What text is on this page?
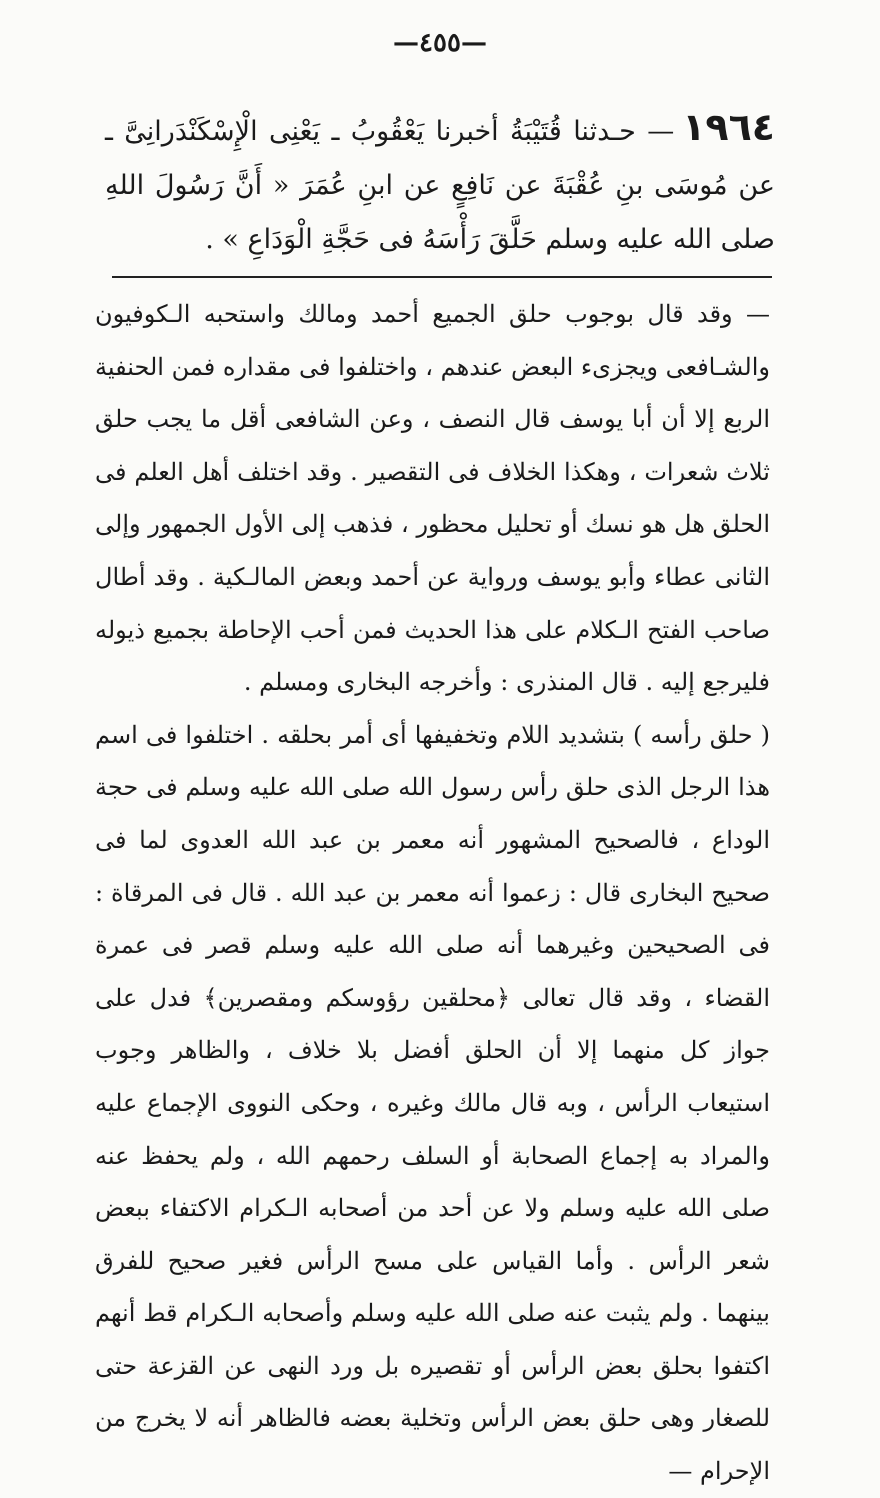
—٤٥٥—
١٩٦٤— حـدثنا قُتَيْبَةُ أخبرنا يَعْقُوبُ ـ يَعْنِى الْإِسْكَنْدَرانِىَّ ـ عن مُوسَى بنِ عُقْبَةَ عن نَافِعٍ عن ابنِ عُمَرَ « أَنَّ رَسُولَ اللهِ صلى الله عليه وسلم حَلَّقَ رَأْسَهُ فى حَجَّةِ الْوَدَاعِ » .

— وقد قال بوجوب حلق الجميع أحمد ومالك واستحبه الـكوفيون والشـافعى ويجزىء البعض عندهم ، واختلفوا فى مقداره فمن الحنفية الربع إلا أن أبا يوسف قال النصف ، وعن الشافعى أقل ما يجب حلق ثلاث شعرات ، وهكذا الخلاف فى التقصير . وقد اختلف أهل العلم فى الحلق هل هو نسك أو تحليل محظور ، فذهب إلى الأول الجمهور وإلى الثانى عطاء وأبو يوسف ورواية عن أحمد وبعض المالـكية . وقد أطال صاحب الفتح الـكلام على هذا الحديث فمن أحب الإحاطة بجميع ذيوله فليرجع إليه . قال المنذرى : وأخرجه البخارى ومسلم .

( حلق رأسه ) بتشديد اللام وتخفيفها أى أمر بحلقه . اختلفوا فى اسم هذا الرجل الذى حلق رأس رسول الله صلى الله عليه وسلم فى حجة الوداع ، فالصحيح المشهور أنه معمر بن عبد الله العدوى لما فى صحيح البخارى قال : زعموا أنه معمر بن عبد الله . قال فى المرقاة : فى الصحيحين وغيرهما أنه صلى الله عليه وسلم قصر فى عمرة القضاء ، وقد قال تعالى ﴿محلقين رؤوسكم ومقصرين﴾ فدل على جواز كل منهما إلا أن الحلق أفضل بلا خلاف ، والظاهر وجوب استيعاب الرأس ، وبه قال مالك وغيره ، وحكى النووى الإجماع عليه والمراد به إجماع الصحابة أو السلف رحمهم الله ، ولم يحفظ عنه صلى الله عليه وسلم ولا عن أحد من أصحابه الـكرام الاكتفاء ببعض شعر الرأس . وأما القياس على مسح الرأس فغير صحيح للفرق بينهما . ولم يثبت عنه صلى الله عليه وسلم وأصحابه الـكرام قط أنهم اكتفوا بحلق بعض الرأس أو تقصيره بل ورد النهى عن القزعة حتى للصغار وهى حلق بعض الرأس وتخلية بعضه فالظاهر أنه لا يخرج من الإحرام —
